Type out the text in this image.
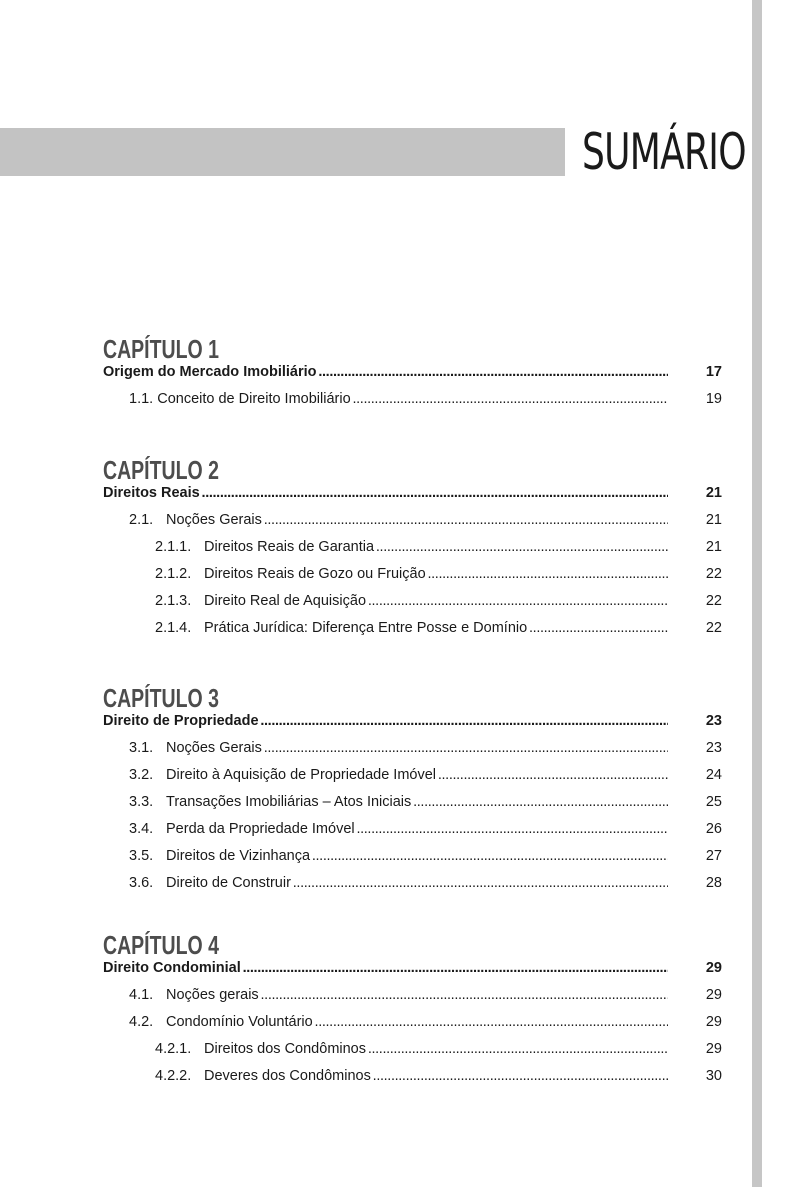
SUMÁRIO
CAPÍTULO 1
Origem do Mercado Imobiliário . . .	17
1.1. Conceito de Direito Imobiliário . . .	19
CAPÍTULO 2
Direitos Reais . . .	21
2.1. Noções Gerais . . .	21
2.1.1. Direitos Reais de Garantia . . .	21
2.1.2. Direitos Reais de Gozo ou Fruição . . .	22
2.1.3. Direito Real de Aquisição . . .	22
2.1.4. Prática Jurídica: Diferença Entre Posse e Domínio . . .	22
CAPÍTULO 3
Direito de Propriedade . . .	23
3.1. Noções Gerais . . .	23
3.2. Direito à Aquisição de Propriedade Imóvel . . .	24
3.3. Transações Imobiliárias – Atos Iniciais . . .	25
3.4. Perda da Propriedade Imóvel . . .	26
3.5. Direitos de Vizinhança . . .	27
3.6. Direito de Construir . . .	28
CAPÍTULO 4
Direito Condominial . . .	29
4.1. Noções gerais . . .	29
4.2. Condomínio Voluntário . . .	29
4.2.1. Direitos dos Condôminos . . .	29
4.2.2. Deveres dos Condôminos . . .	30
